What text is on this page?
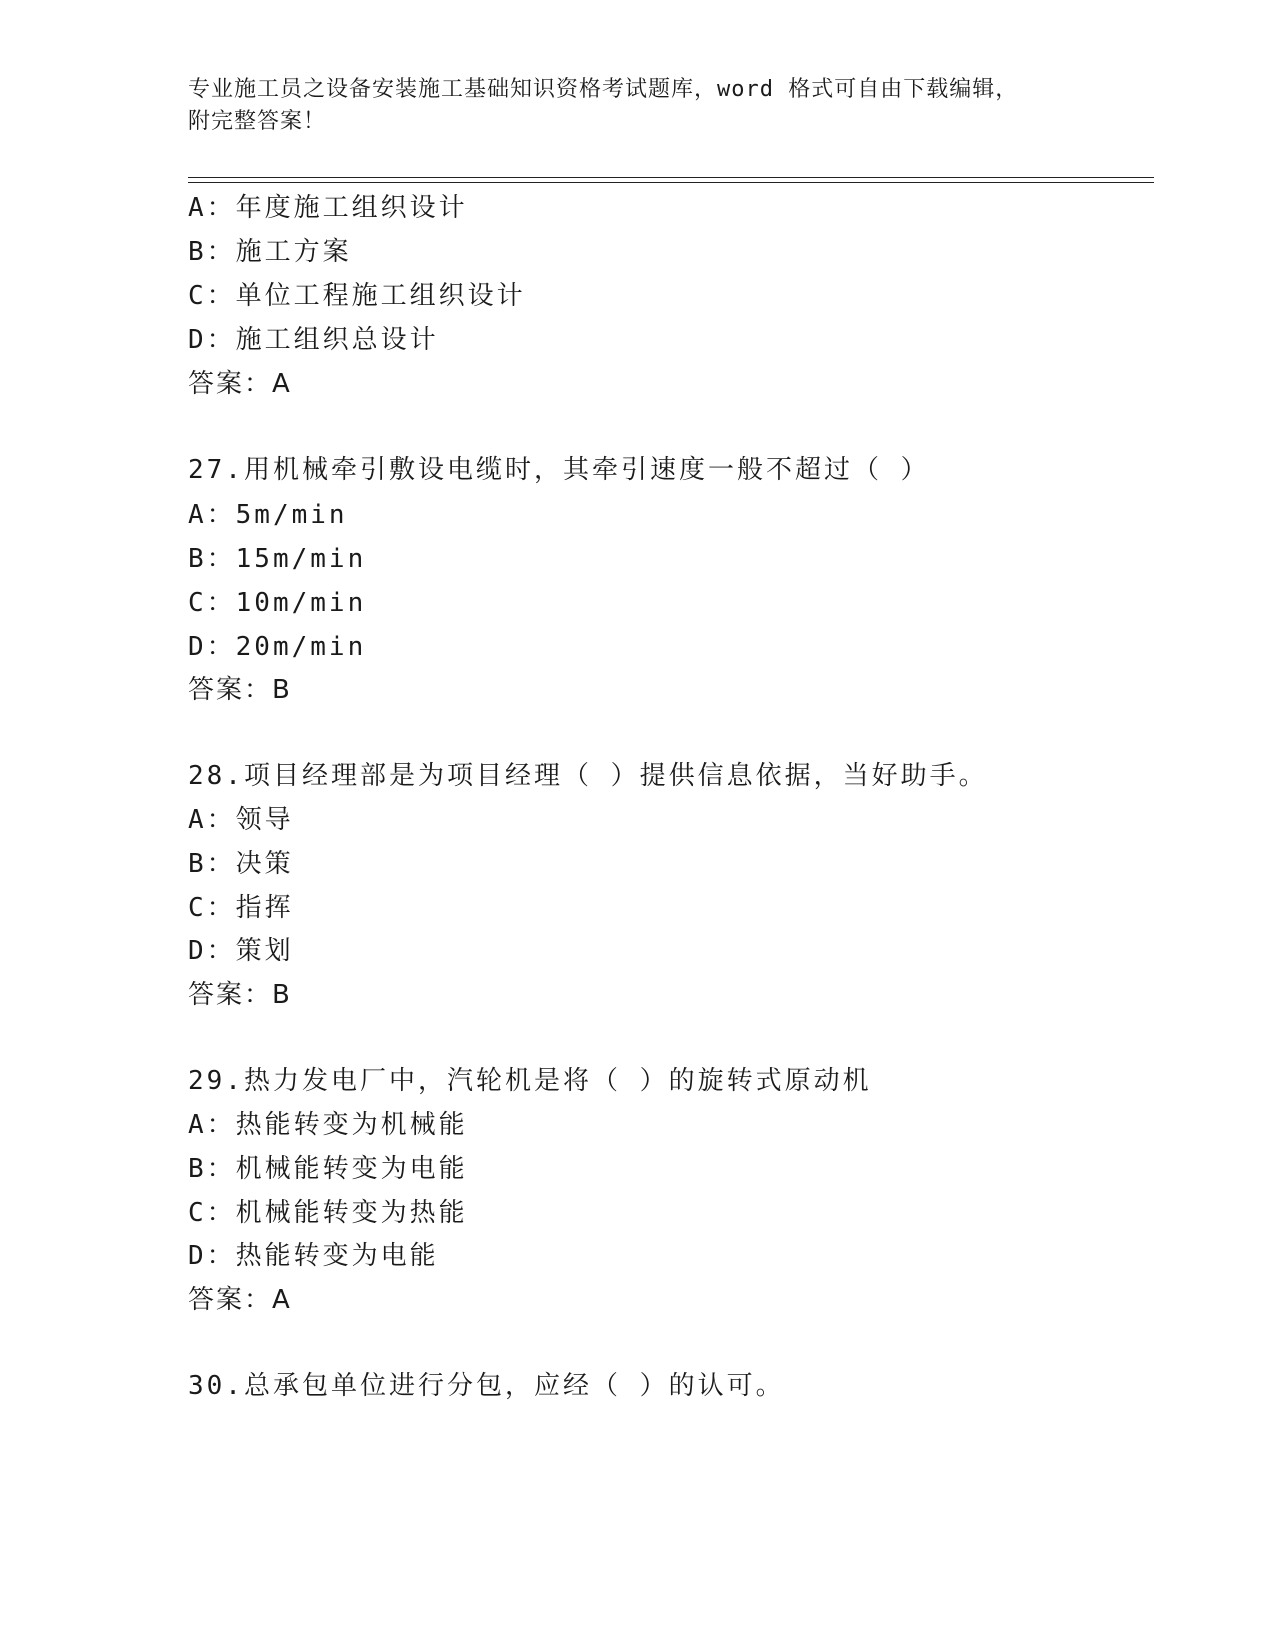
专业施工员之设备安装施工基础知识资格考试题库，word 格式可自由下载编辑，
附完整答案！
A：年度施工组织设计
B：施工方案
C：单位工程施工组织设计
D：施工组织总设计
答案：A
27.用机械牵引敷设电缆时，其牵引速度一般不超过（ ）
A：5m/min
B：15m/min
C：10m/min
D：20m/min
答案：B
28.项目经理部是为项目经理（ ）提供信息依据，当好助手。
A：领导
B：决策
C：指挥
D：策划
答案：B
29.热力发电厂中，汽轮机是将（ ）的旋转式原动机
A：热能转变为机械能
B：机械能转变为电能
C：机械能转变为热能
D：热能转变为电能
答案：A
30.总承包单位进行分包，应经（ ）的认可。
